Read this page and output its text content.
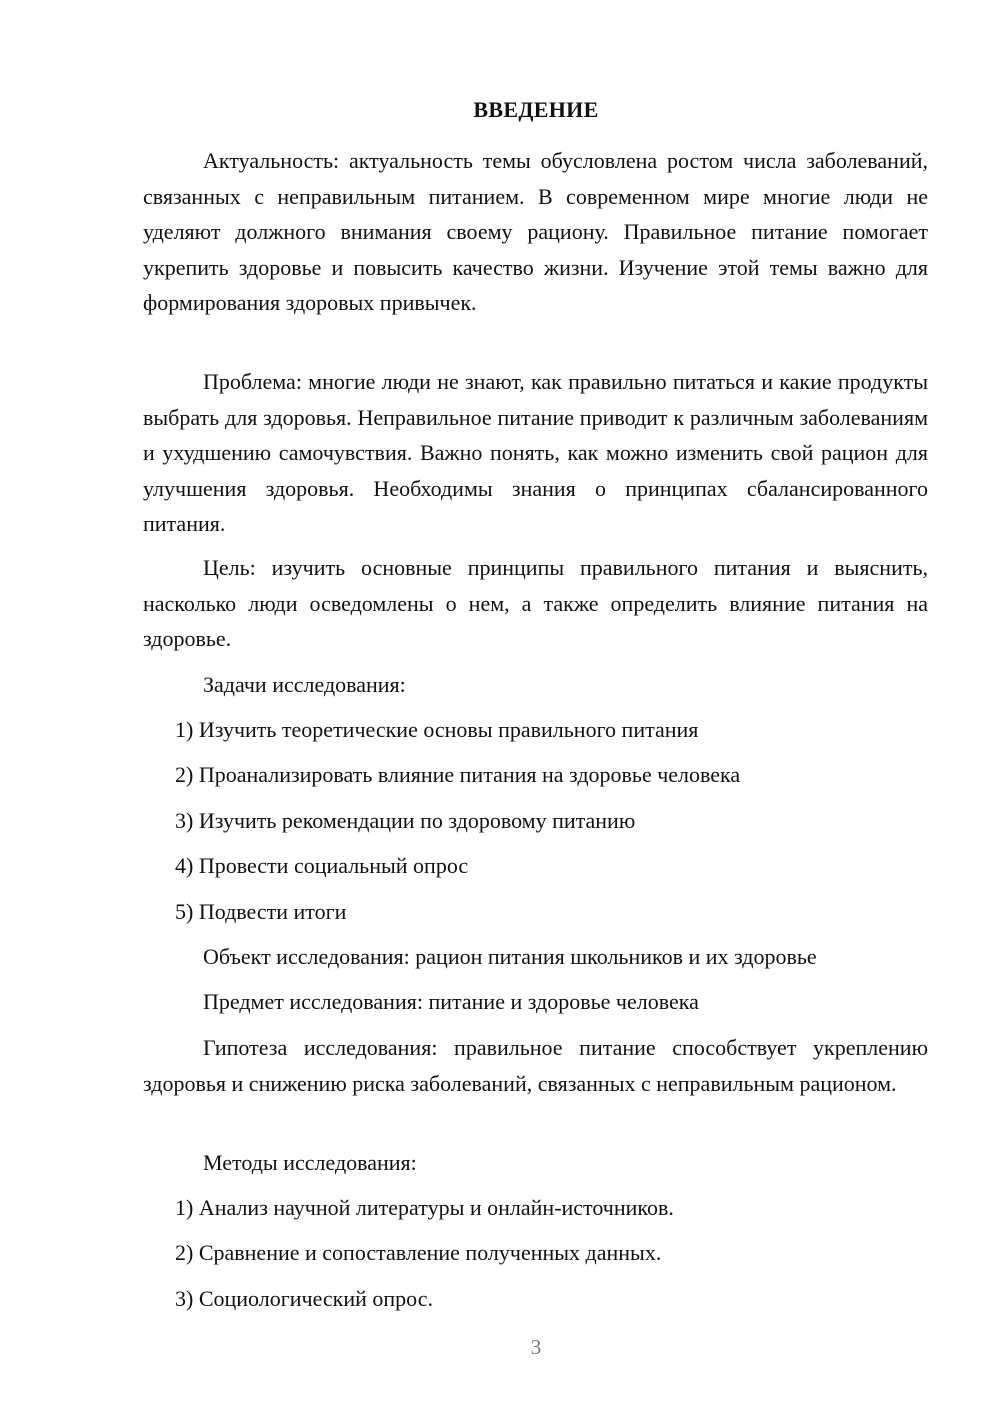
ВВЕДЕНИЕ

Актуальность: актуальность темы обусловлена ростом числа заболеваний, связанных с неправильным питанием. В современном мире многие люди не уделяют должного внимания своему рациону. Правильное питание помогает укрепить здоровье и повысить качество жизни. Изучение этой темы важно для формирования здоровых привычек.

Проблема: многие люди не знают, как правильно питаться и какие продукты выбрать для здоровья. Неправильное питание приводит к различным заболеваниям и ухудшению самочувствия. Важно понять, как можно изменить свой рацион для улучшения здоровья. Необходимы знания о принципах сбалансированного питания.

Цель: изучить основные принципы правильного питания и выяснить, насколько люди осведомлены о нем, а также определить влияние питания на здоровье.

Задачи исследования:
1) Изучить теоретические основы правильного питания
2) Проанализировать влияние питания на здоровье человека
3) Изучить рекомендации по здоровому питанию
4) Провести социальный опрос
5) Подвести итоги
Объект исследования: рацион питания школьников и их здоровье
Предмет исследования: питание и здоровье человека

Гипотеза исследования: правильное питание способствует укреплению здоровья и снижению риска заболеваний, связанных с неправильным рационом.

Методы исследования:
1) Анализ научной литературы и онлайн-источников.
2) Сравнение и сопоставление полученных данных.
3) Социологический опрос.
3
